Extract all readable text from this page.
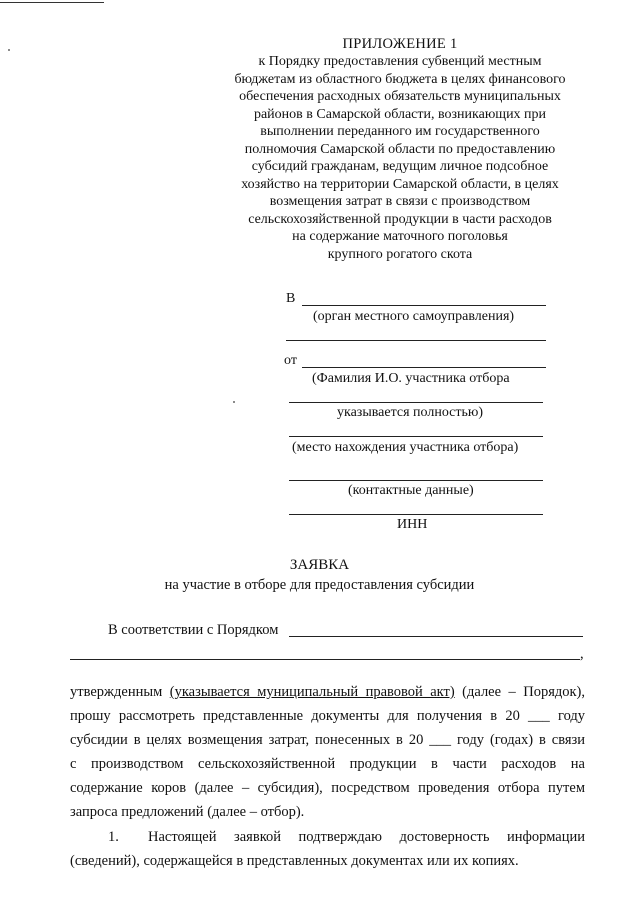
ПРИЛОЖЕНИЕ 1
к Порядку предоставления субвенций местным
бюджетам из областного бюджета в целях финансового
обеспечения расходных обязательств муниципальных
районов в Самарской области, возникающих при
выполнении переданного им государственного
полномочия Самарской области по предоставлению
субсидий гражданам, ведущим личное подсобное
хозяйство на территории Самарской области, в целях
возмещения затрат в связи с производством
сельскохозяйственной продукции в части расходов
на содержание маточного поголовья
крупного рогатого скота
В
(орган местного самоуправления)
от
(Фамилия И.О. участника отбора
указывается полностью)
(место нахождения участника отбора)
(контактные данные)
ИНН
ЗАЯВКА
на участие в отборе для предоставления субсидии
В соответствии с Порядком
,
утвержденным (указывается муниципальный правовой акт) (далее – Порядок),
прошу рассмотреть представленные документы для получения в 20 ___ году
субсидии в целях возмещения затрат, понесенных в 20 ___ году (годах) в связи
с производством сельскохозяйственной продукции в части расходов на
содержание коров (далее – субсидия), посредством проведения отбора путем
запроса предложений (далее – отбор).
1. Настоящей заявкой подтверждаю достоверность информации
(сведений), содержащейся в представленных документах или их копиях.
